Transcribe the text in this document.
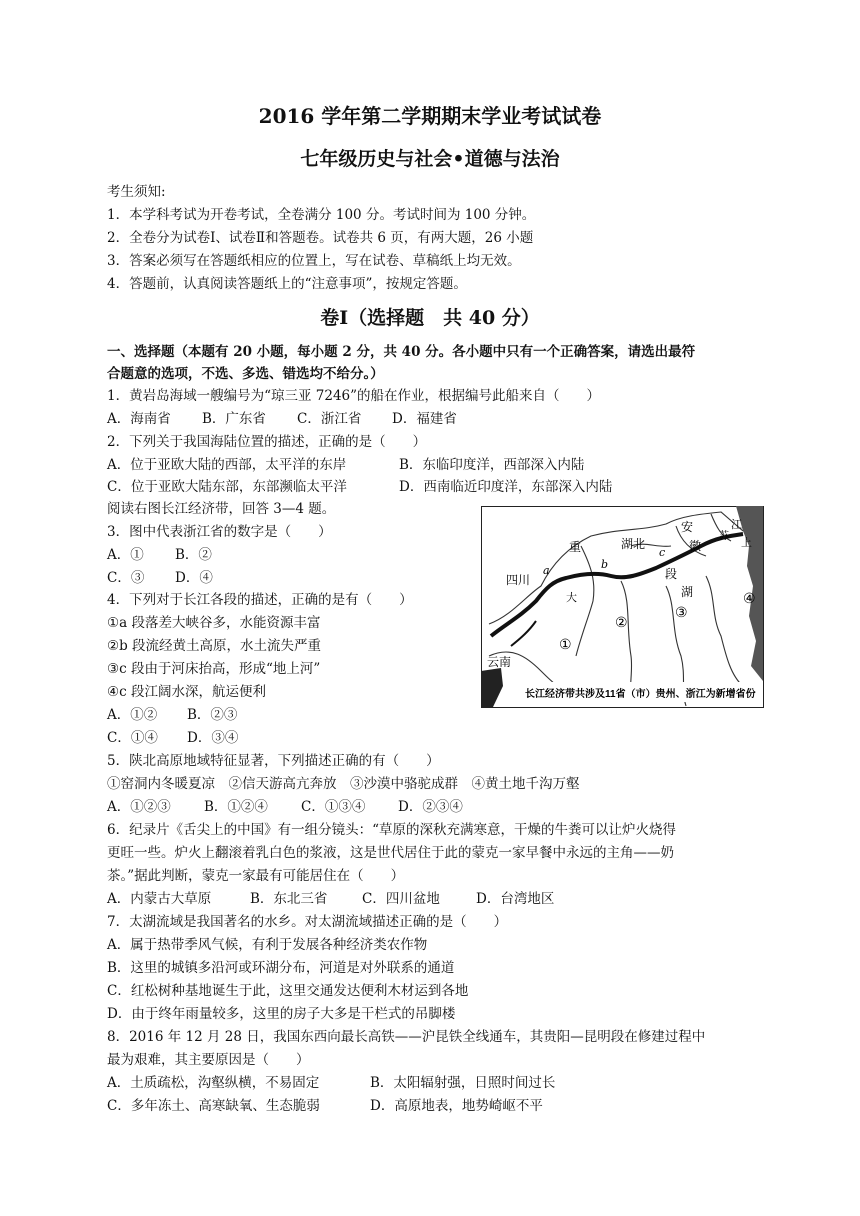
2016 学年第二学期期末学业考试试卷
七年级历史与社会•道德与法治
考生须知:
1．本学科考试为开卷考试，全卷满分 100 分。考试时间为 100 分钟。
2．全卷分为试卷Ⅰ、试卷Ⅱ和答题卷。试卷共 6 页，有两大题，26 小题
3．答案必须写在答题纸相应的位置上，写在试卷、草稿纸上均无效。
4．答题前，认真阅读答题纸上的“注意事项”，按规定答题。
卷Ⅰ（选择题　共 40 分）
一、选择题（本题有 20 小题，每小题 2 分，共 40 分。各小题中只有一个正确答案，请选出最符
合题意的选项，不选、多选、错选均不给分。）
1．黄岩岛海域一艘编号为“琼三亚 7246”的船在作业，根据编号此船来自（　　）
A．海南省 B．广东省 C．浙江省 D．福建省
2．下列关于我国海陆位置的描述，正确的是（　　）
A．位于亚欧大陆的西部，太平洋的东岸	B．东临印度洋，西部深入内陆
C．位于亚欧大陆东部，东部濒临太平洋	D．西南临近印度洋，东部深入内陆
阅读右图长江经济带，回答 3—4 题。
3．图中代表浙江省的数字是（　　）
A．① B．②
C．③ D．④
4．下列对于长江各段的描述，正确的是有（　　）
①a 段落差大峡谷多，水能资源丰富
②b 段流经黄土高原，水土流失严重
③c 段由于河床抬高，形成“地上河”
④c 段江阔水深，航运便利
A．①② B．②③
C．①④ D．③④
5．陕北高原地域特征显著，下列描述正确的有（　　）
①窑洞内冬暖夏凉　②信天游高亢奔放　③沙漠中骆驼成群　④黄土地千沟万壑
A．①②③ B．①②④ C．①③④ D．②③④
6．纪录片《舌尖上的中国》有一组分镜头：“草原的深秋充满寒意，干燥的牛粪可以让炉火烧得
更旺一些。炉火上翻滚着乳白色的浆液，这是世代居住于此的蒙克一家早餐中永远的主角——奶
茶。”据此判断，蒙克一家最有可能居住在（　　）
A．内蒙古大草原	B．东北三省	C．四川盆地	D．台湾地区
7．太湖流域是我国著名的水乡。对太湖流域描述正确的是（　　）
A．属于热带季风气候，有利于发展各种经济类农作物
B．这里的城镇多沿河或环湖分布，河道是对外联系的通道
C．红松树种基地诞生于此，这里交通发达便利木材运到各地
D．由于终年雨量较多，这里的房子大多是干栏式的吊脚楼
8．2016 年 12 月 28 日，我国东西向最长高铁——沪昆铁全线通车，其贵阳—昆明段在修建过程中
最为艰难，其主要原因是（　　）
A．土质疏松，沟壑纵横，不易固定	B．太阳辐射强，日照时间过长
C．多年冻土、高寒缺氧、生态脆弱	D．高原地表，地势崎岖不平
四川
重	湖北
安
徽
江
苏 上
湖
段
云南
大
a	b
c
①
②
③
④
长江经济带共涉及11省（市）贵州、浙江为新增省份
